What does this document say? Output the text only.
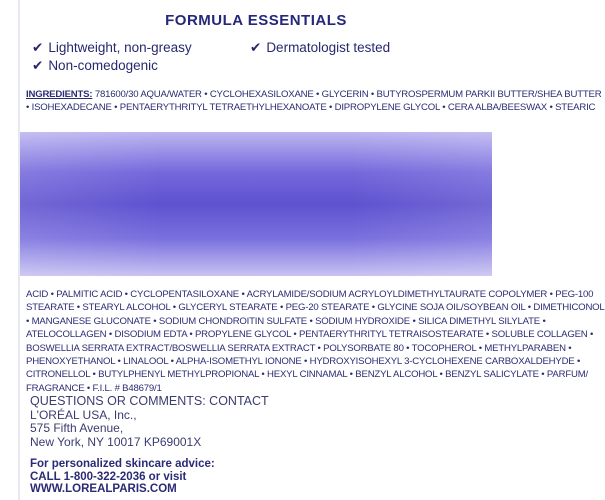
FORMULA ESSENTIALS
✔ Lightweight, non-greasy	✔ Dermatologist tested
✔ Non-comedogenic
INGREDIENTS: 781600/30 AQUA/WATER • CYCLOHEXASILOXANE • GLYCERIN • BUTYROSPERMUM PARKII BUTTER/SHEA BUTTER
• ISOHEXADECANE • PENTAERYTHRITYL TETRAETHYLHEXANOATE • DIPROPYLENE GLYCOL • CERA ALBA/BEESWAX • STEARIC
ACID • PALMITIC ACID • CYCLOPENTASILOXANE • ACRYLAMIDE/SODIUM ACRYLOYLDIMETHYLTAURATE COPOLYMER • PEG-100
STEARATE • STEARYL ALCOHOL • GLYCERYL STEARATE • PEG-20 STEARATE • GLYCINE SOJA OIL/SOYBEAN OIL • DIMETHICONOL
• MANGANESE GLUCONATE • SODIUM CHONDROITIN SULFATE • SODIUM HYDROXIDE • SILICA DIMETHYL SILYLATE •
ATELOCOLLAGEN • DISODIUM EDTA • PROPYLENE GLYCOL • PENTAERYTHRITYL TETRAISOSTEARATE • SOLUBLE COLLAGEN •
BOSWELLIA SERRATA EXTRACT/BOSWELLIA SERRATA EXTRACT • POLYSORBATE 80 • TOCOPHEROL • METHYLPARABEN •
PHENOXYETHANOL • LINALOOL • ALPHA-ISOMETHYL IONONE • HYDROXYISOHEXYL 3-CYCLOHEXENE CARBOXALDEHYDE •
CITRONELLOL • BUTYLPHENYL METHYLPROPIONAL • HEXYL CINNAMAL • BENZYL ALCOHOL • BENZYL SALICYLATE • PARFUM/
FRAGRANCE • F.I.L. # B48679/1
QUESTIONS OR COMMENTS: CONTACT
L'ORÉAL USA, Inc.,
575 Fifth Avenue,
New York, NY 10017 KP69001X
For personalized skincare advice:
CALL 1-800-322-2036 or visit
WWW.LOREALPARIS.COM
